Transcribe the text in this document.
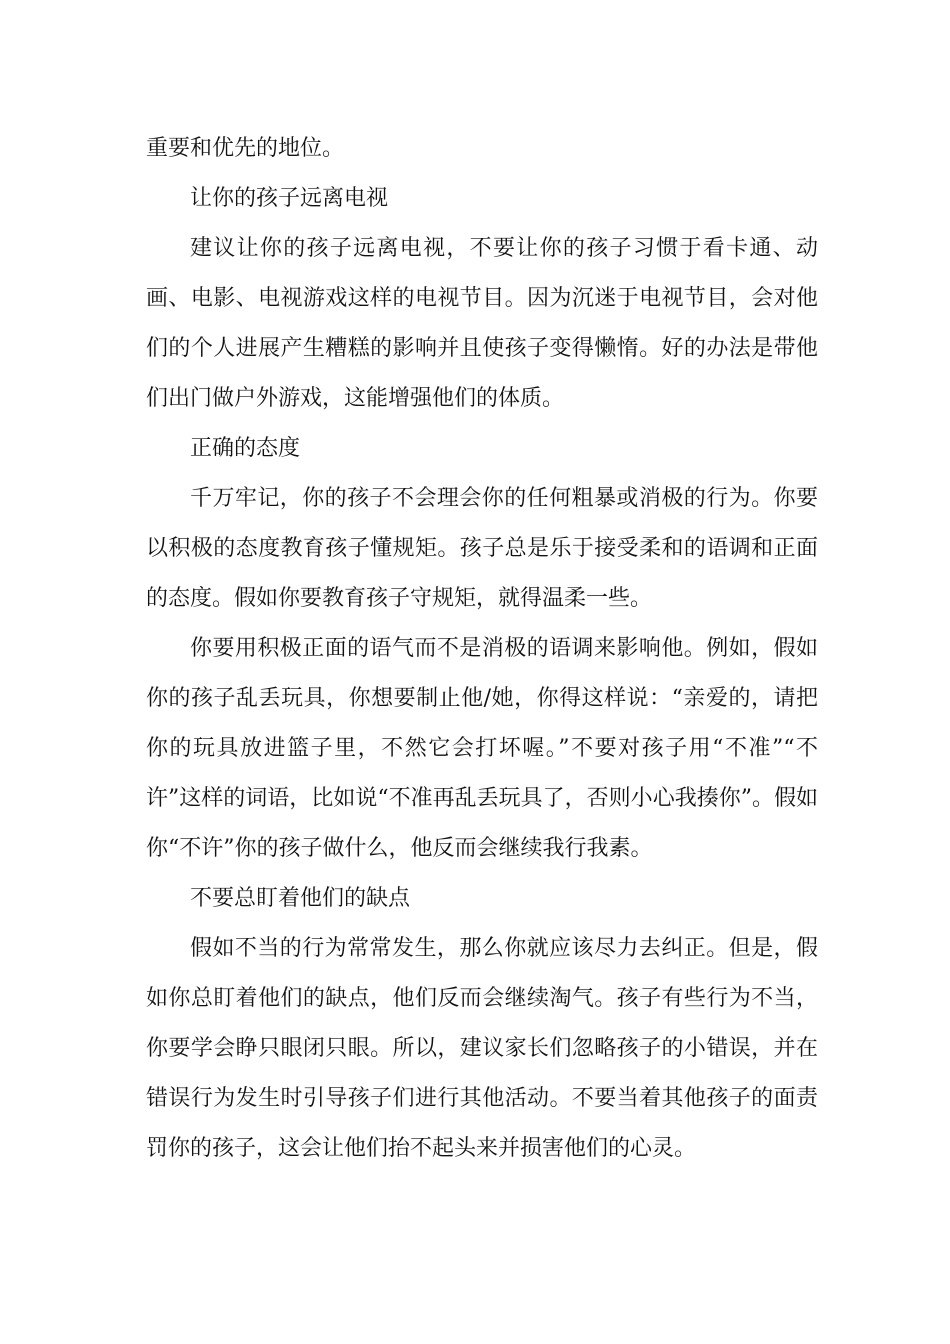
重要和优先的地位。

让你的孩子远离电视

建议让你的孩子远离电视，不要让你的孩子习惯于看卡通、动画、电影、电视游戏这样的电视节目。因为沉迷于电视节目，会对他们的个人进展产生糟糕的影响并且使孩子变得懒惰。好的办法是带他们出门做户外游戏，这能增强他们的体质。

正确的态度

千万牢记，你的孩子不会理会你的任何粗暴或消极的行为。你要以积极的态度教育孩子懂规矩。孩子总是乐于接受柔和的语调和正面的态度。假如你要教育孩子守规矩，就得温柔一些。

你要用积极正面的语气而不是消极的语调来影响他。例如，假如你的孩子乱丢玩具，你想要制止他/她，你得这样说：“亲爱的，请把你的玩具放进篮子里，不然它会打坏喔。”不要对孩子用“不准”“不许”这样的词语，比如说“不准再乱丢玩具了，否则小心我揍你”。假如你“不许”你的孩子做什么，他反而会继续我行我素。

不要总盯着他们的缺点

假如不当的行为常常发生，那么你就应该尽力去纠正。但是，假如你总盯着他们的缺点，他们反而会继续淘气。孩子有些行为不当，你要学会睁只眼闭只眼。所以，建议家长们忽略孩子的小错误，并在错误行为发生时引导孩子们进行其他活动。不要当着其他孩子的面责罚你的孩子，这会让他们抬不起头来并损害他们的心灵。
